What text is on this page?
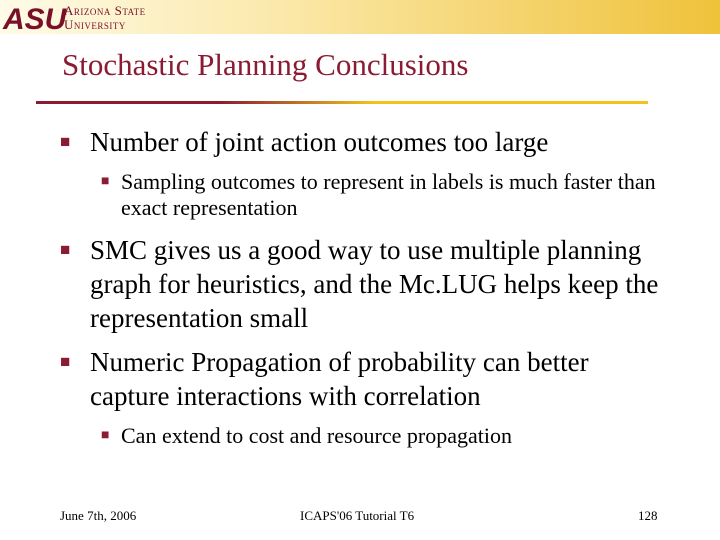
ASU
Arizona State
University
Stochastic Planning Conclusions
■ Number of joint action outcomes too large
■ Sampling outcomes to represent in labels is much faster than exact representation
■ SMC gives us a good way to use multiple planning graph for heuristics, and the Mc.LUG helps keep the representation small
■ Numeric Propagation of probability can better capture interactions with correlation
■ Can extend to cost and resource propagation
June 7th, 2006	ICAPS'06 Tutorial T6	128
